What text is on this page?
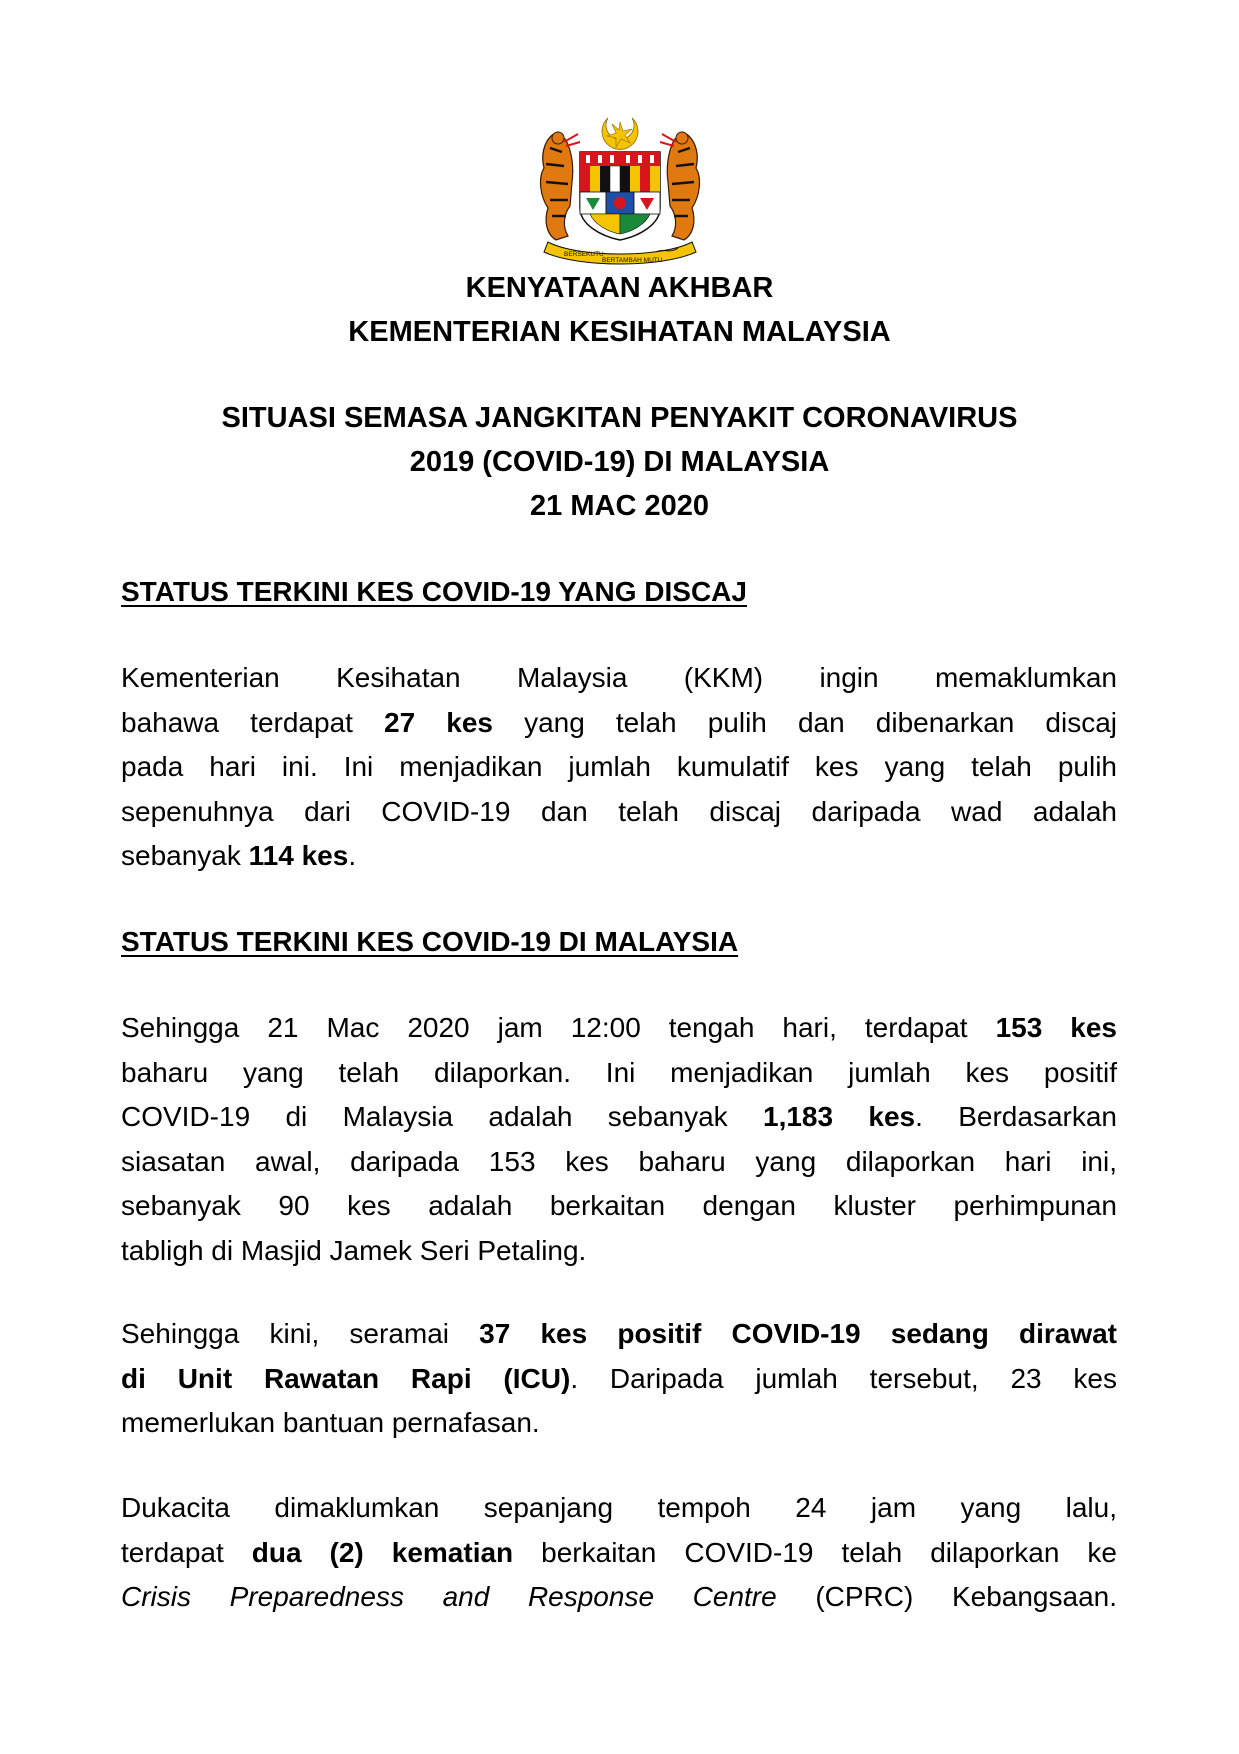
BERSEKUTU
BERTAMBAH MUTU
KENYATAAN AKHBAR
KEMENTERIAN KESIHATAN MALAYSIA
SITUASI SEMASA JANGKITAN PENYAKIT CORONAVIRUS
2019 (COVID-19) DI MALAYSIA
21 MAC 2020
STATUS TERKINI KES COVID-19 YANG DISCAJ
Kementerian Kesihatan Malaysia (KKM) ingin memaklumkan
bahawa terdapat 27 kes yang telah pulih dan dibenarkan discaj
pada hari ini. Ini menjadikan jumlah kumulatif kes yang telah pulih
sepenuhnya dari COVID-19 dan telah discaj daripada wad adalah
sebanyak 114 kes.
STATUS TERKINI KES COVID-19 DI MALAYSIA
Sehingga 21 Mac 2020 jam 12:00 tengah hari, terdapat 153 kes
baharu yang telah dilaporkan. Ini menjadikan jumlah kes positif
COVID-19 di Malaysia adalah sebanyak 1,183 kes. Berdasarkan
siasatan awal, daripada 153 kes baharu yang dilaporkan hari ini,
sebanyak 90 kes adalah berkaitan dengan kluster perhimpunan
tabligh di Masjid Jamek Seri Petaling.
Sehingga kini, seramai 37 kes positif COVID-19 sedang dirawat
di Unit Rawatan Rapi (ICU). Daripada jumlah tersebut, 23 kes
memerlukan bantuan pernafasan.
Dukacita dimaklumkan sepanjang tempoh 24 jam yang lalu,
terdapat dua (2) kematian berkaitan COVID-19 telah dilaporkan ke
Crisis Preparedness and Response Centre (CPRC) Kebangsaan.
